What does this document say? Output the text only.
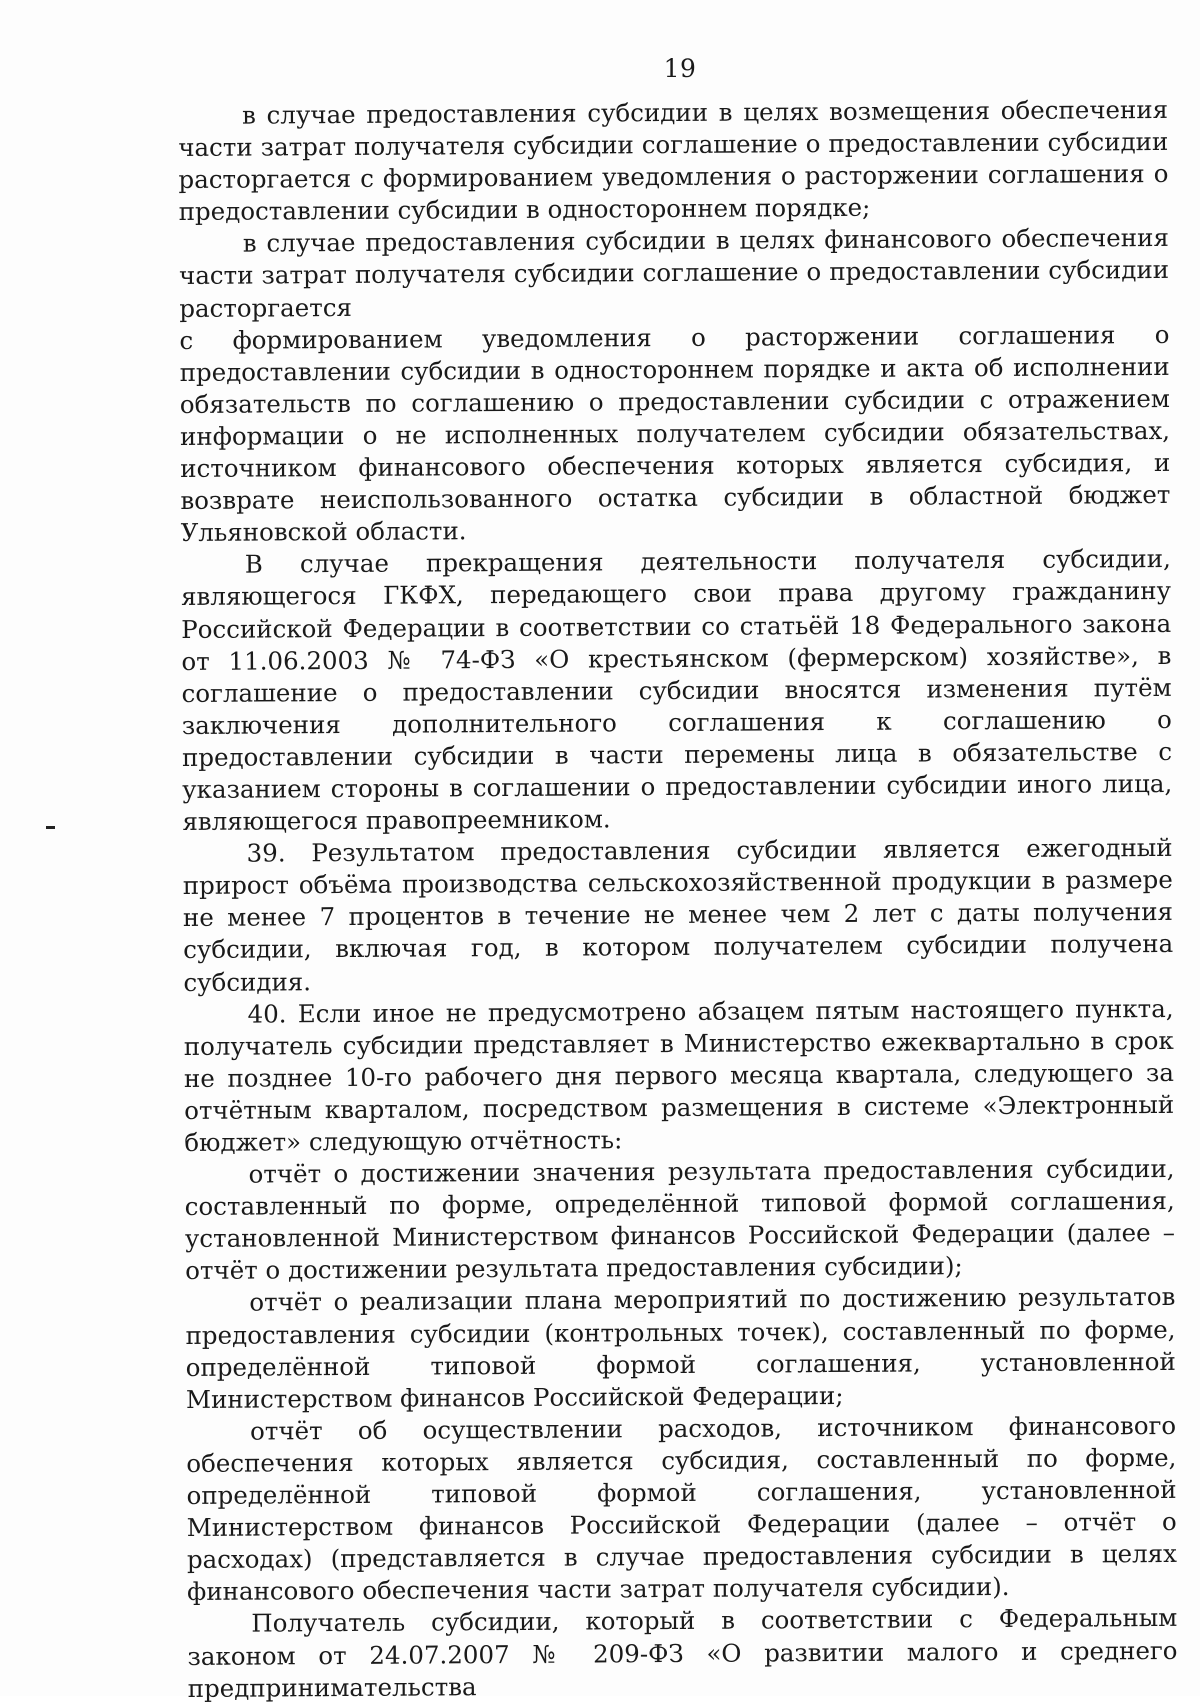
19

в случае предоставления субсидии в целях возмещения обеспечения части затрат получателя субсидии соглашение о предоставлении субсидии расторгается с формированием уведомления о расторжении соглашения о предоставлении субсидии в одностороннем порядке;

в случае предоставления субсидии в целях финансового обеспечения части затрат получателя субсидии соглашение о предоставлении субсидии расторгается

с формированием уведомления о расторжении соглашения о предоставлении субсидии в одностороннем порядке и акта об исполнении обязательств по соглашению о предоставлении субсидии с отражением информации о не исполненных получателем субсидии обязательствах, источником финансового обеспечения которых является субсидия, и возврате неиспользованного остатка субсидии в областной бюджет Ульяновской области.

В случае прекращения деятельности получателя субсидии, являющегося ГКФХ, передающего свои права другому гражданину Российской Федерации в соответствии со статьёй 18 Федерального закона от 11.06.2003 № 74-ФЗ «О крестьянском (фермерском) хозяйстве», в соглашение о предоставлении субсидии вносятся изменения путём заключения дополнительного соглашения к соглашению о предоставлении субсидии в части перемены лица в обязательстве с указанием стороны в соглашении о предоставлении субсидии иного лица, являющегося правопреемником.

39. Результатом предоставления субсидии является ежегодный прирост объёма производства сельскохозяйственной продукции в размере не менее 7 процентов в течение не менее чем 2 лет с даты получения субсидии, включая год, в котором получателем субсидии получена субсидия.

40. Если иное не предусмотрено абзацем пятым настоящего пункта, получатель субсидии представляет в Министерство ежеквартально в срок не позднее 10-го рабочего дня первого месяца квартала, следующего за отчётным кварталом, посредством размещения в системе «Электронный бюджет» следующую отчётность:

отчёт о достижении значения результата предоставления субсидии, составленный по форме, определённой типовой формой соглашения, установленной Министерством финансов Российской Федерации (далее – отчёт о достижении результата предоставления субсидии);

отчёт о реализации плана мероприятий по достижению результатов предоставления субсидии (контрольных точек), составленный по форме, определённой типовой формой соглашения, установленной Министерством финансов Российской Федерации;

отчёт об осуществлении расходов, источником финансового обеспечения которых является субсидия, составленный по форме, определённой типовой формой соглашения, установленной Министерством финансов Российской Федерации (далее – отчёт о расходах) (представляется в случае предоставления субсидии в целях финансового обеспечения части затрат получателя субсидии).

Получатель субсидии, который в соответствии с Федеральным законом от 24.07.2007 № 209-ФЗ «О развитии малого и среднего предпринимательства
